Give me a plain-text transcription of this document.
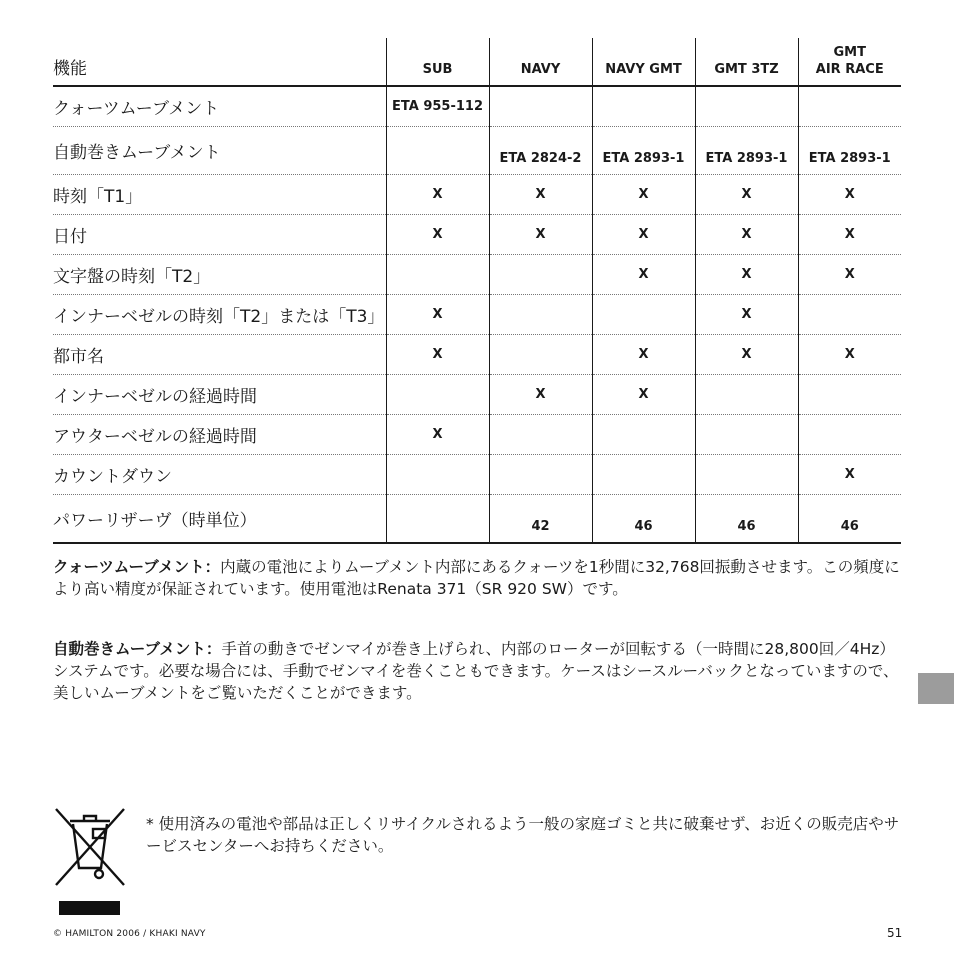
機能	SUB	NAVY	NAVY GMT	GMT 3TZ	GMT
AIR RACE
クォーツムーブメント	ETA 955-112				
自動巻きムーブメント		ETA 2824-2	ETA 2893-1	ETA 2893-1	ETA 2893-1
時刻「T1」	X	X	X	X	X
日付	X	X	X	X	X
文字盤の時刻「T2」			X	X	X
インナーベゼルの時刻「T2」または「T3」	X			X	
都市名	X		X	X	X
インナーベゼルの経過時間		X	X		
アウターベゼルの経過時間	X				
カウントダウン					X
パワーリザーヴ（時単位）		42	46	46	46

クォーツムーブメント：内蔵の電池によりムーブメント内部にあるクォーツを1秒間に32,768回振動させます。この頻度により高い精度が保証されています。使用電池はRenata 371（SR 920 SW）です。

自動巻きムーブメント：手首の動きでゼンマイが巻き上げられ、内部のローターが回転する（一時間に28,800回／4Hz）システムです。必要な場合には、手動でゼンマイを巻くこともできます。ケースはシースルーバックとなっていますので、美しいムーブメントをご覧いただくことができます。

* 使用済みの電池や部品は正しくリサイクルされるよう一般の家庭ゴミと共に破棄せず、お近くの販売店やサービスセンターへお持ちください。

© HAMILTON 2006 / KHAKI NAVY	51
